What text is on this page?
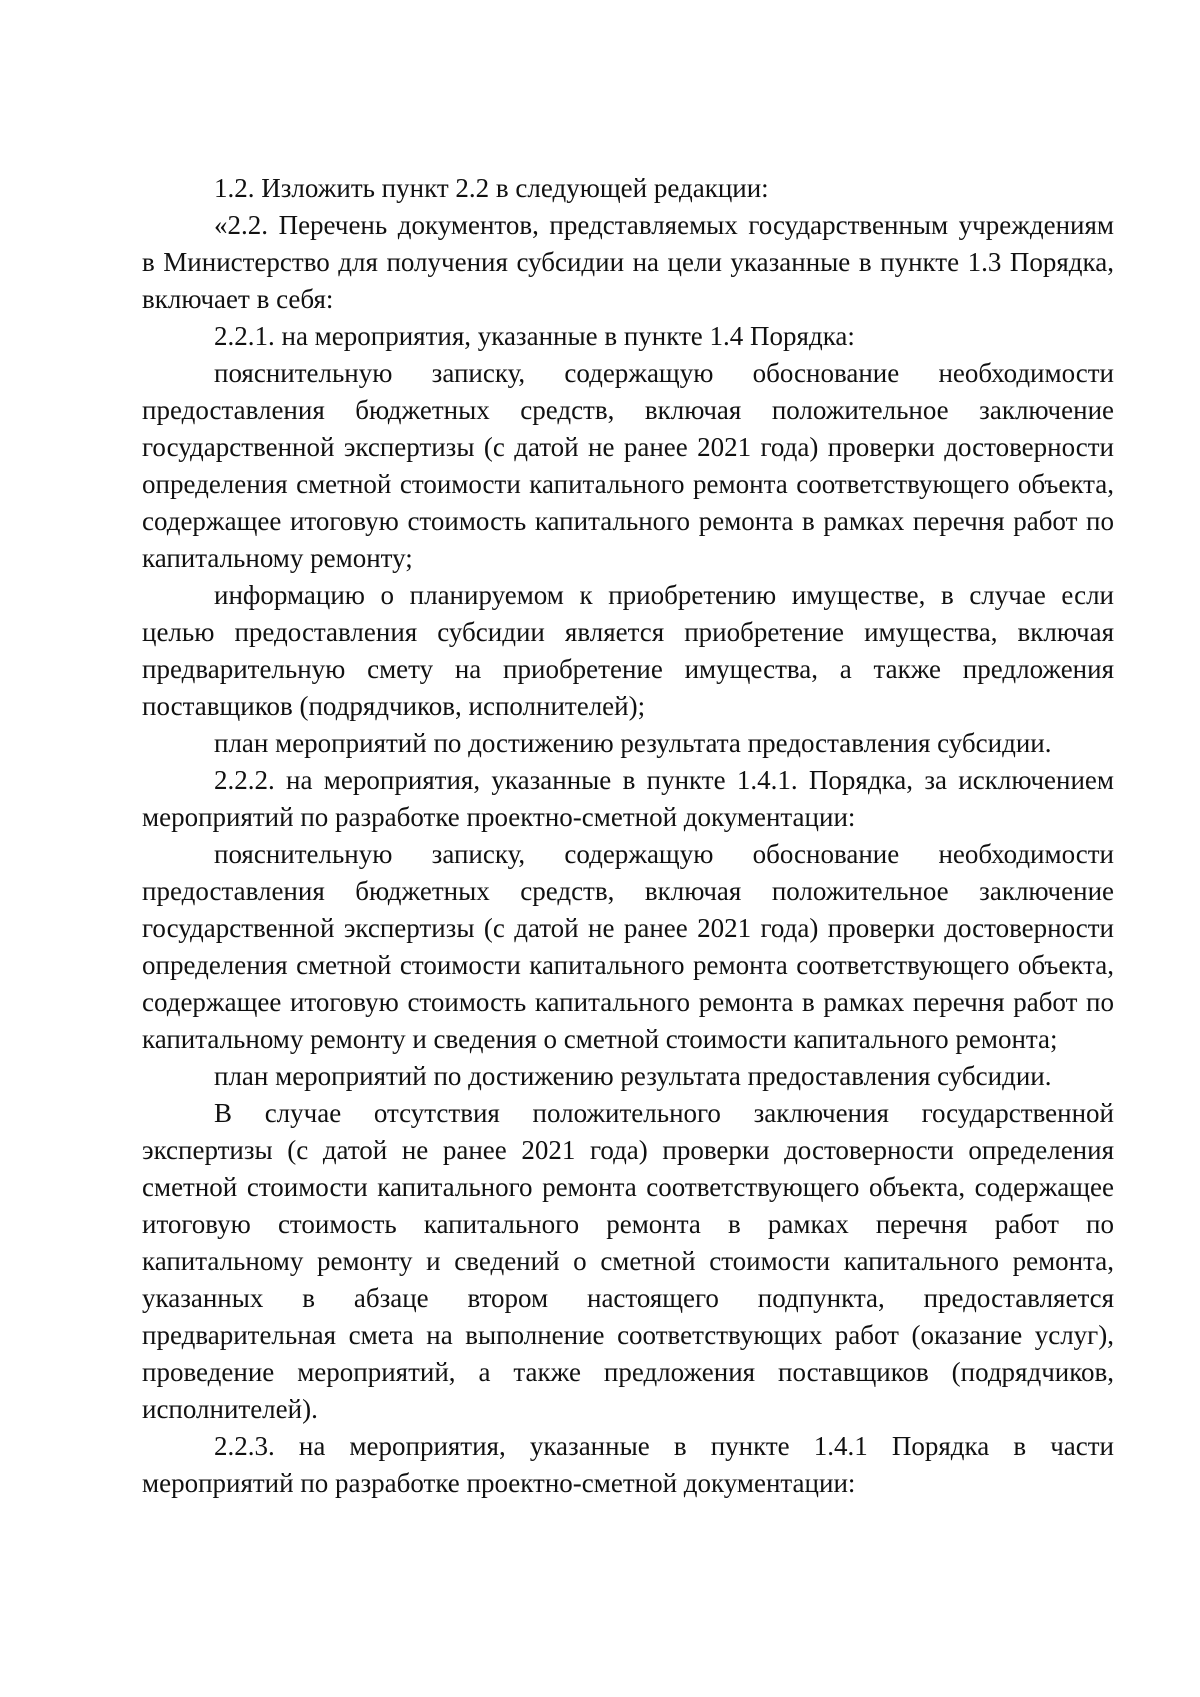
1.2. Изложить пункт 2.2 в следующей редакции:

«2.2. Перечень документов, представляемых государственным учреждениям в Министерство для получения субсидии на цели указанные в пункте 1.3 Порядка, включает в себя:

2.2.1. на мероприятия, указанные в пункте 1.4 Порядка:

пояснительную записку, содержащую обоснование необходимости предоставления бюджетных средств, включая положительное заключение государственной экспертизы (с датой не ранее 2021 года) проверки достоверности определения сметной стоимости капитального ремонта соответствующего объекта, содержащее итоговую стоимость капитального ремонта в рамках перечня работ по капитальному ремонту;

информацию о планируемом к приобретению имуществе, в случае если целью предоставления субсидии является приобретение имущества, включая предварительную смету на приобретение имущества, а также предложения поставщиков (подрядчиков, исполнителей);

план мероприятий по достижению результата предоставления субсидии.

2.2.2. на мероприятия, указанные в пункте 1.4.1. Порядка, за исключением мероприятий по разработке проектно-сметной документации:

пояснительную записку, содержащую обоснование необходимости предоставления бюджетных средств, включая положительное заключение государственной экспертизы (с датой не ранее 2021 года) проверки достоверности определения сметной стоимости капитального ремонта соответствующего объекта, содержащее итоговую стоимость капитального ремонта в рамках перечня работ по капитальному ремонту и сведения о сметной стоимости капитального ремонта;

план мероприятий по достижению результата предоставления субсидии.

В случае отсутствия положительного заключения государственной экспертизы (с датой не ранее 2021 года) проверки достоверности определения сметной стоимости капитального ремонта соответствующего объекта, содержащее итоговую стоимость капитального ремонта в рамках перечня работ по капитальному ремонту и сведений о сметной стоимости капитального ремонта, указанных в абзаце втором настоящего подпункта, предоставляется предварительная смета на выполнение соответствующих работ (оказание услуг), проведение мероприятий, а также предложения поставщиков (подрядчиков, исполнителей).

2.2.3. на мероприятия, указанные в пункте 1.4.1 Порядка в части мероприятий по разработке проектно-сметной документации:
